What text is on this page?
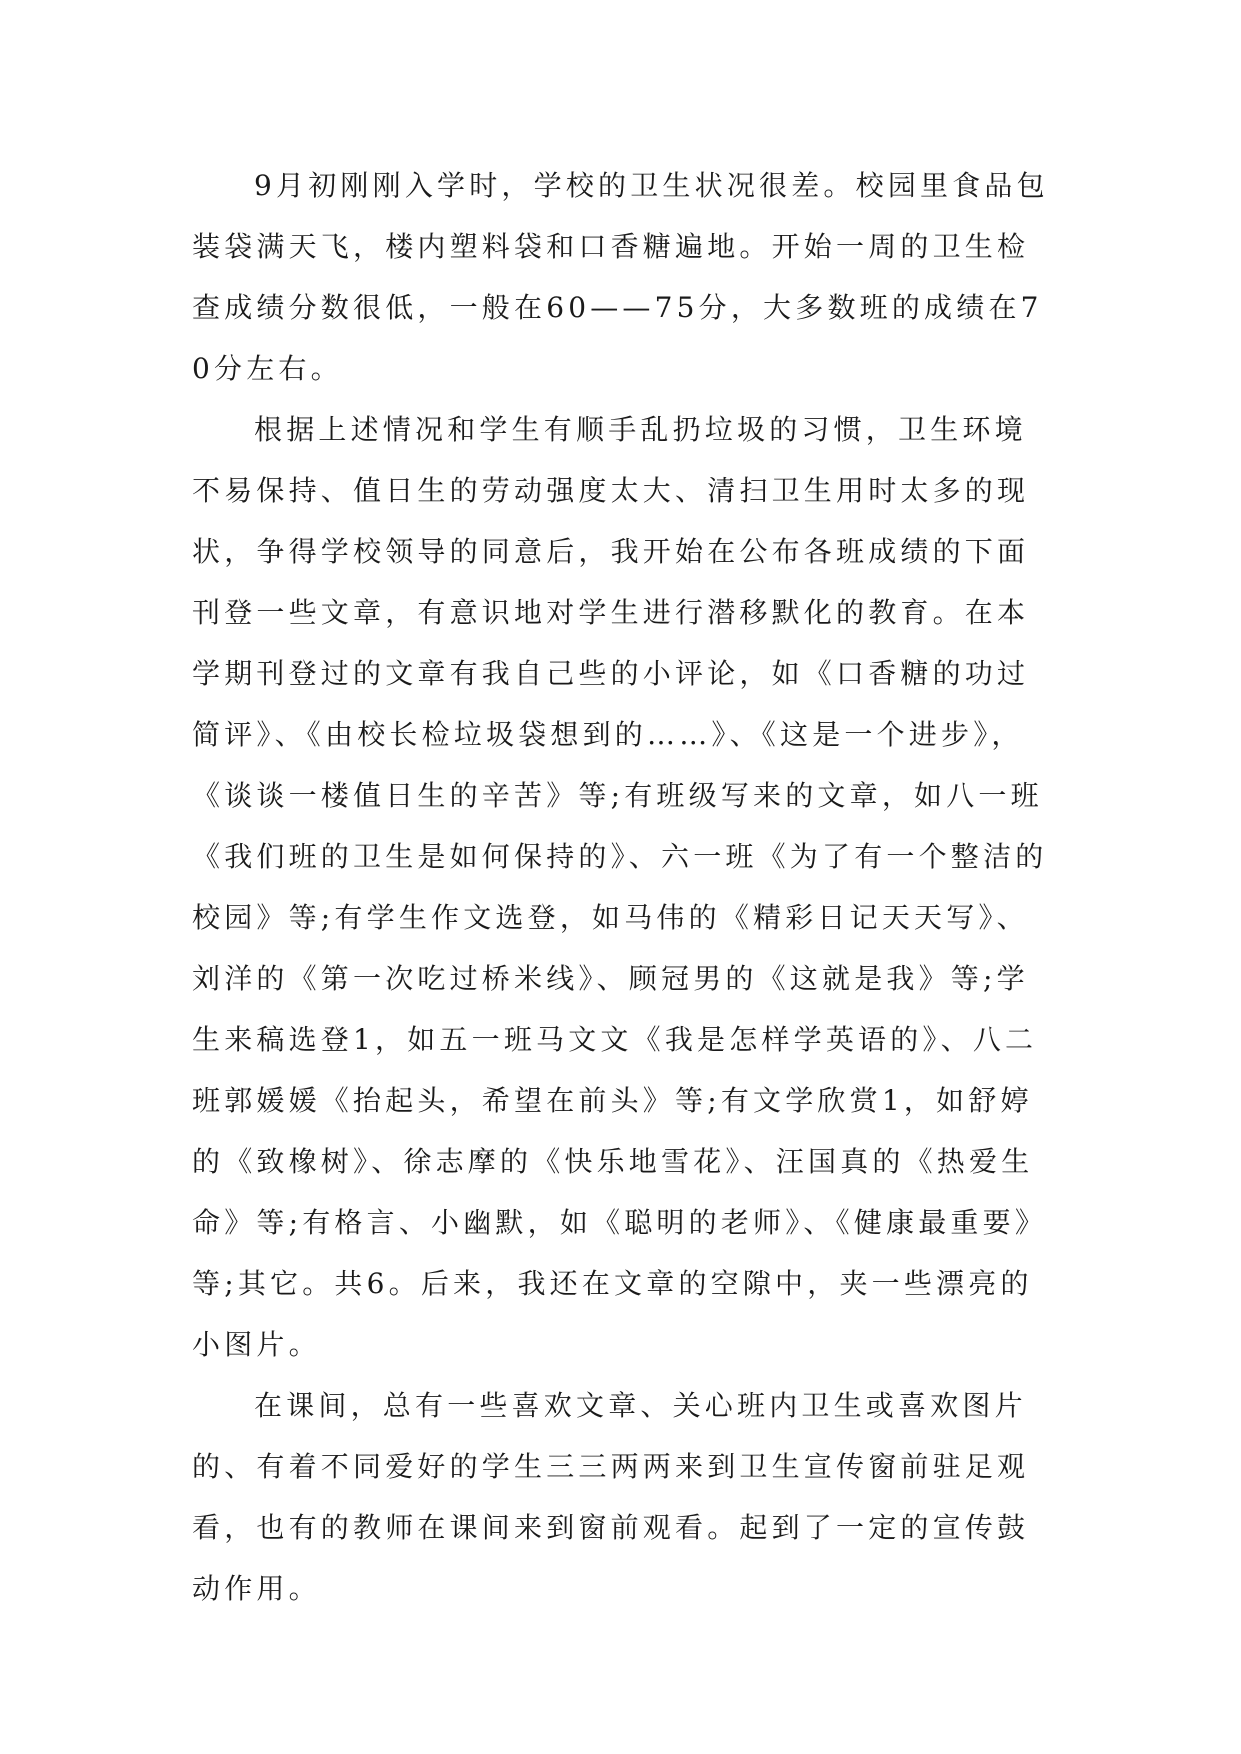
9月初刚刚入学时，学校的卫生状况很差。校园里食品包装袋满天飞，楼内塑料袋和口香糖遍地。开始一周的卫生检查成绩分数很低，一般在60——75分，大多数班的成绩在70分左右。

根据上述情况和学生有顺手乱扔垃圾的习惯，卫生环境不易保持、值日生的劳动强度太大、清扫卫生用时太多的现状，争得学校领导的同意后，我开始在公布各班成绩的下面刊登一些文章，有意识地对学生进行潜移默化的教育。在本学期刊登过的文章有我自己些的小评论，如《口香糖的功过简评》、《由校长检垃圾袋想到的……》、《这是一个进步》，《谈谈一楼值日生的辛苦》等;有班级写来的文章，如八一班《我们班的卫生是如何保持的》、六一班《为了有一个整洁的校园》等;有学生作文选登，如马伟的《精彩日记天天写》、刘洋的《第一次吃过桥米线》、顾冠男的《这就是我》等;学生来稿选登1，如五一班马文文《我是怎样学英语的》、八二班郭媛媛《抬起头，希望在前头》等;有文学欣赏1，如舒婷的《致橡树》、徐志摩的《快乐地雪花》、汪国真的《热爱生命》等;有格言、小幽默，如《聪明的老师》、《健康最重要》等;其它。共6。后来，我还在文章的空隙中，夹一些漂亮的小图片。

在课间，总有一些喜欢文章、关心班内卫生或喜欢图片的、有着不同爱好的学生三三两两来到卫生宣传窗前驻足观看，也有的教师在课间来到窗前观看。起到了一定的宣传鼓动作用。
